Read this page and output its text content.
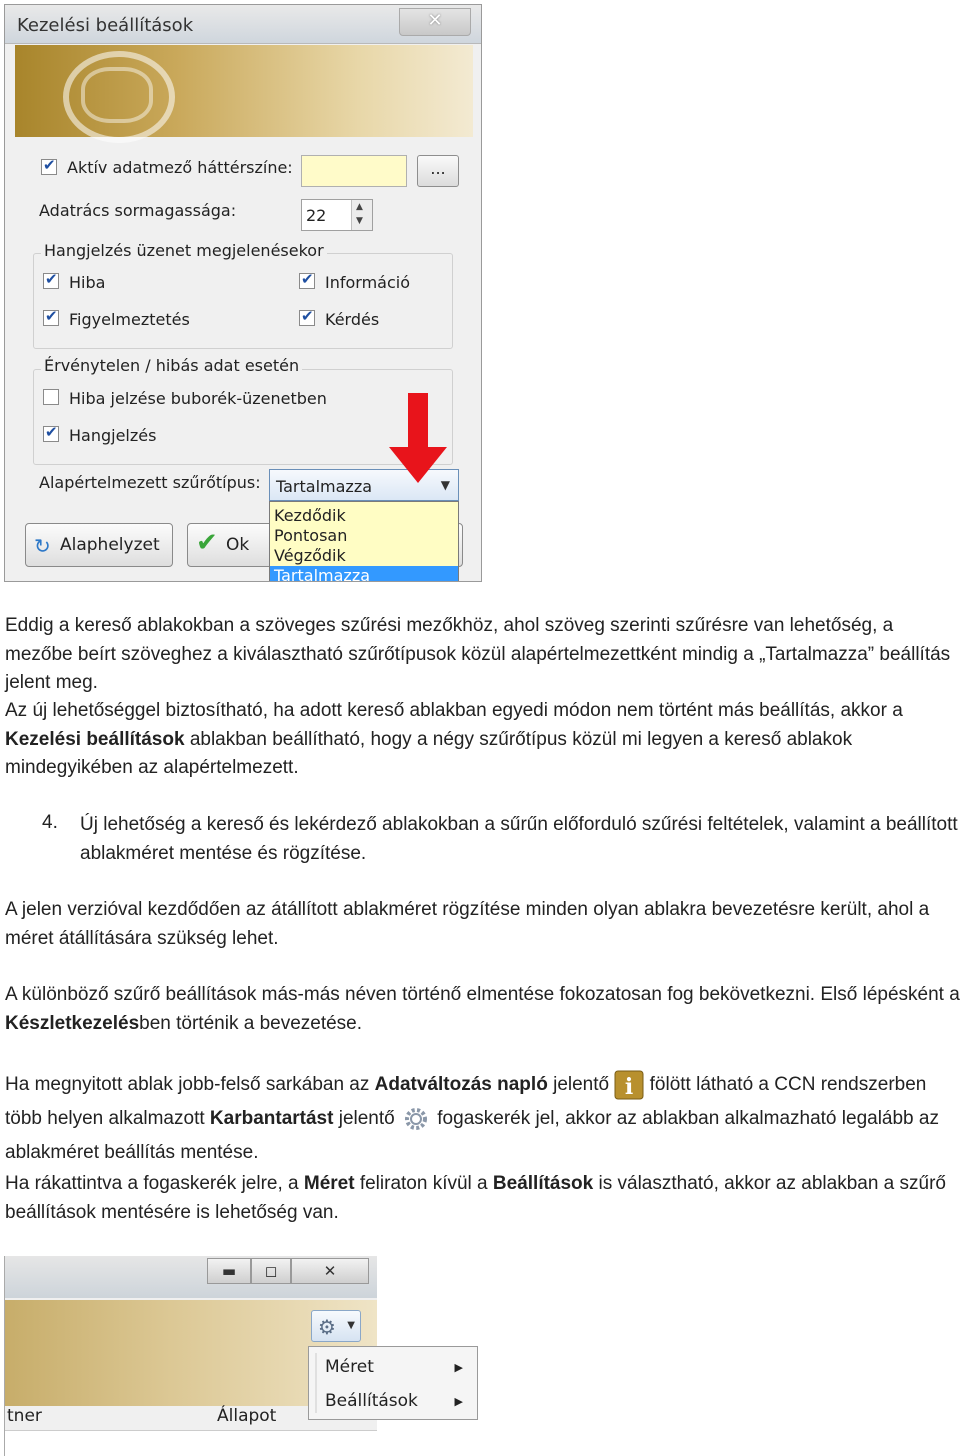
Kezelési beállítások	✕
✔
Aktív adatmező háttérszíne:	...
Adatrács sormagassága:	22	▲
▼
Hangjelzés üzenet megjelenésekor
✔
Hiba ✔	Információ
✔
Figyelmeztetés ✔	Kérdés
Érvénytelen / hibás adat esetén
Hiba jelzése buborék-üzenetben
✔
Hangjelzés
Alapértelmezett szűrőtípus: Tartalmazza	▼
↻ Alaphelyzet ✔ Ok
Kezdődik
Pontosan
Végződik
Tartalmazza

Eddig a kereső ablakokban a szöveges szűrési mezőkhöz, ahol szöveg szerinti szűrésre van lehetőség, a mezőbe beírt szöveghez a kiválasztható szűrőtípusok közül alapértelmezettként mindig a „Tartalmazza” beállítás jelent meg.

Az új lehetőséggel biztosítható, ha adott kereső ablakban egyedi módon nem történt más beállítás, akkor a Kezelési beállítások ablakban beállítható, hogy a négy szűrőtípus közül mi legyen a kereső ablakok mindegyikében az alapértelmezett.

4. Új lehetőség a kereső és lekérdező ablakokban a sűrűn előforduló szűrési feltételek, valamint a beállított ablakméret mentése és rögzítése.

A jelen verzióval kezdődően az átállított ablakméret rögzítése minden olyan ablakra bevezetésre került, ahol a méret átállítására szükség lehet.

A különböző szűrő beállítások más-más néven történő elmentése fokozatosan fog bekövetkezni. Első lépésként a Készletkezelésben történik a bevezetése.

Ha megnyitott ablak jobb-felső sarkában az Adatváltozás napló jelentő i fölött látható a CCN rendszerben több helyen alkalmazott Karbantartást jelentő  fogaskerék jel, akkor az ablakban alkalmazható legalább az ablakméret beállítás mentése.

Ha rákattintva a fogaskerék jelre, a Méret feliraton kívül a Beállítások is választható, akkor az ablakban a szűrő beállítások mentésére is lehetőség van.

▬	◻	✕
⚙ ▼
tner	Állapot
Méret	▶
Beállítások	▶
